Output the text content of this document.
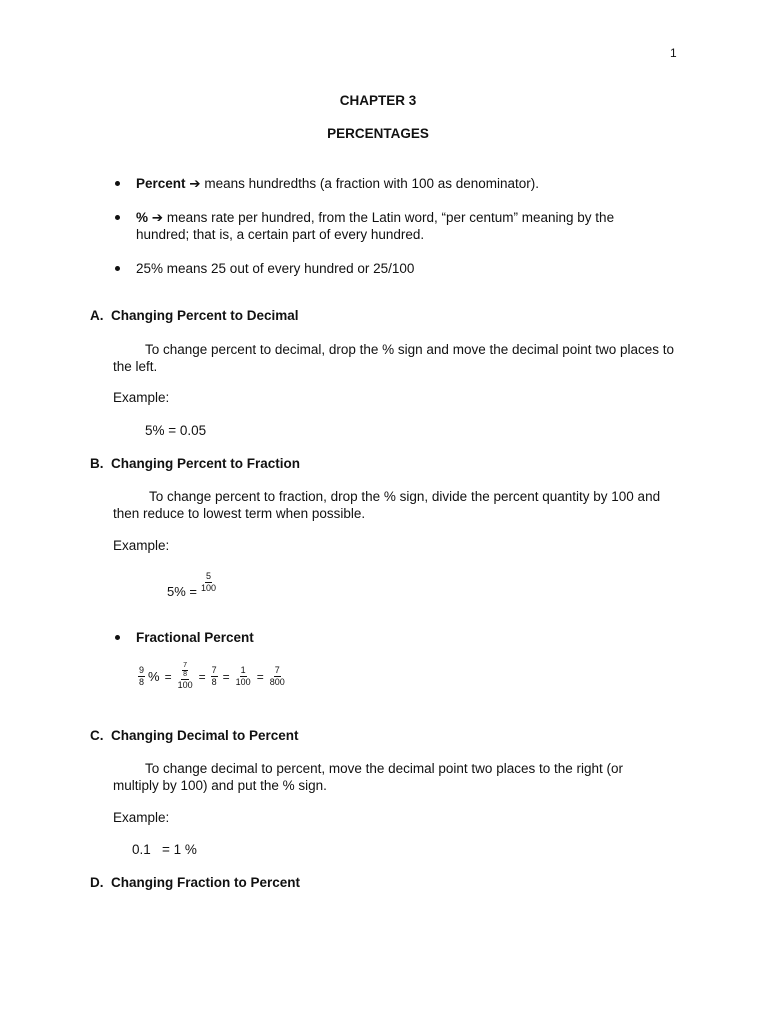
1
CHAPTER 3
PERCENTAGES
Percent ➔ means hundredths (a fraction with 100 as denominator).
% ➔ means rate per hundred, from the Latin word, “per centum” meaning by the hundred; that is, a certain part of every hundred.
25% means 25 out of every hundred or 25/100
A. Changing Percent to Decimal
To change percent to decimal, drop the % sign and move the decimal point two places to the left.
Example:
5% = 0.05
B. Changing Percent to Fraction
To change percent to fraction, drop the % sign, divide the percent quantity by 100 and then reduce to lowest term when possible.
Example:
$5\% = \frac{5}{100}$
Fractional Percent
$\frac{9}{8}$ % = $\frac{\frac{7}{8}}{100} = \frac{7}{8} = \frac{1}{100} = \frac{7}{800}$
C. Changing Decimal to Percent
To change decimal to percent, move the decimal point two places to the right (or multiply by 100) and put the % sign.
Example:
0.1   = 1 %
D. Changing Fraction to Percent
